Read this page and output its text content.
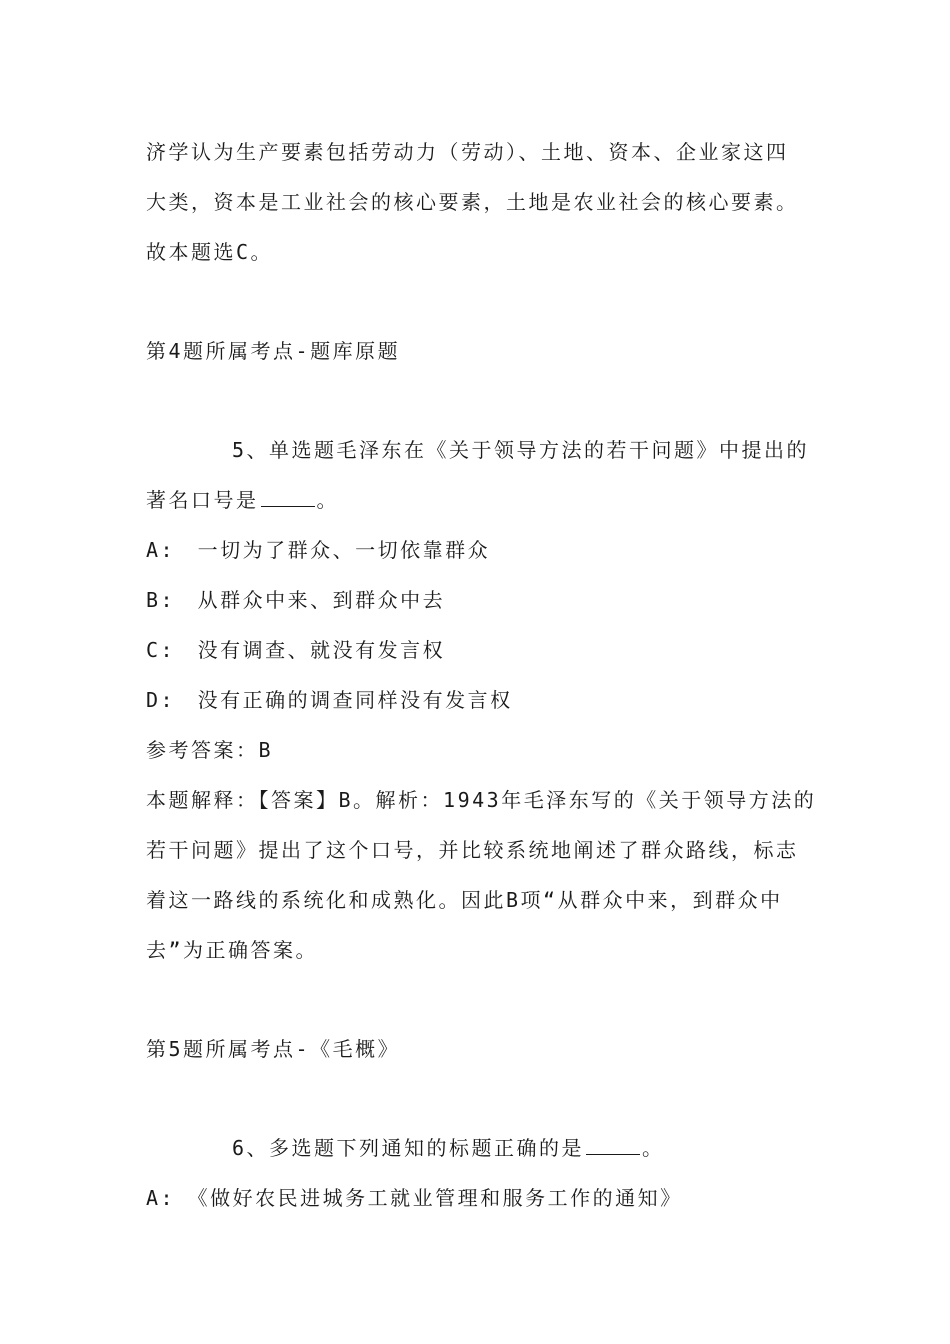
济学认为生产要素包括劳动力（劳动）、土地、资本、企业家这四
大类，资本是工业社会的核心要素，土地是农业社会的核心要素。
故本题选C。
第4题所属考点-题库原题
5、单选题毛泽东在《关于领导方法的若干问题》中提出的
著名口号是	。
A:　一切为了群众、一切依靠群众
B:　从群众中来、到群众中去
C:　没有调查、就没有发言权
D:　没有正确的调查同样没有发言权
参考答案：B
本题解释：【答案】B。解析：1943年毛泽东写的《关于领导方法的
若干问题》提出了这个口号，并比较系统地阐述了群众路线，标志
着这一路线的系统化和成熟化。因此B项“从群众中来，到群众中
去”为正确答案。
第5题所属考点-《毛概》
6、多选题下列通知的标题正确的是	。
A:　《做好农民进城务工就业管理和服务工作的通知》
